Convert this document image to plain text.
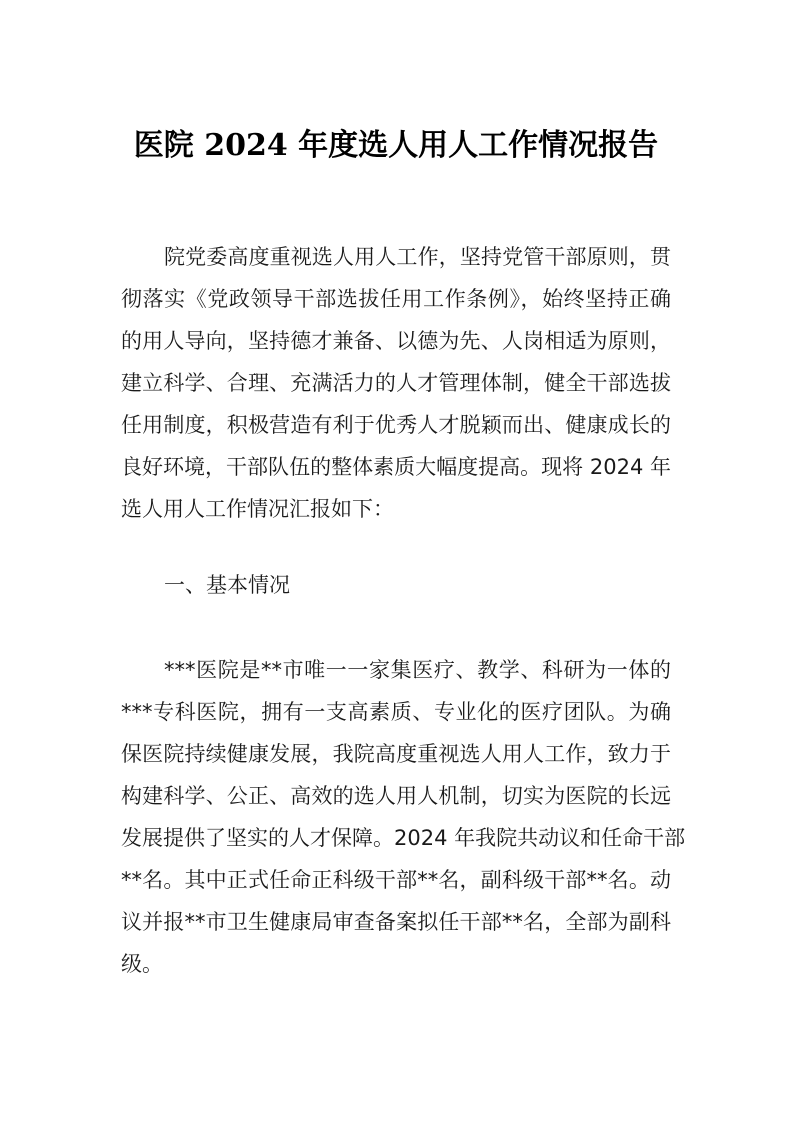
医院 2024 年度选人用人工作情况报告
院党委高度重视选人用人工作，坚持党管干部原则，贯
彻落实《党政领导干部选拔任用工作条例》，始终坚持正确
的用人导向，坚持德才兼备、以德为先、人岗相适为原则，
建立科学、合理、充满活力的人才管理体制，健全干部选拔
任用制度，积极营造有利于优秀人才脱颖而出、健康成长的
良好环境，干部队伍的整体素质大幅度提高。现将 2024 年
选人用人工作情况汇报如下：
一、基本情况
***医院是**市唯一一家集医疗、教学、科研为一体的
***专科医院，拥有一支高素质、专业化的医疗团队。为确
保医院持续健康发展，我院高度重视选人用人工作，致力于
构建科学、公正、高效的选人用人机制，切实为医院的长远
发展提供了坚实的人才保障。2024 年我院共动议和任命干部
**名。其中正式任命正科级干部**名，副科级干部**名。动
议并报**市卫生健康局审查备案拟任干部**名，全部为副科
级。
